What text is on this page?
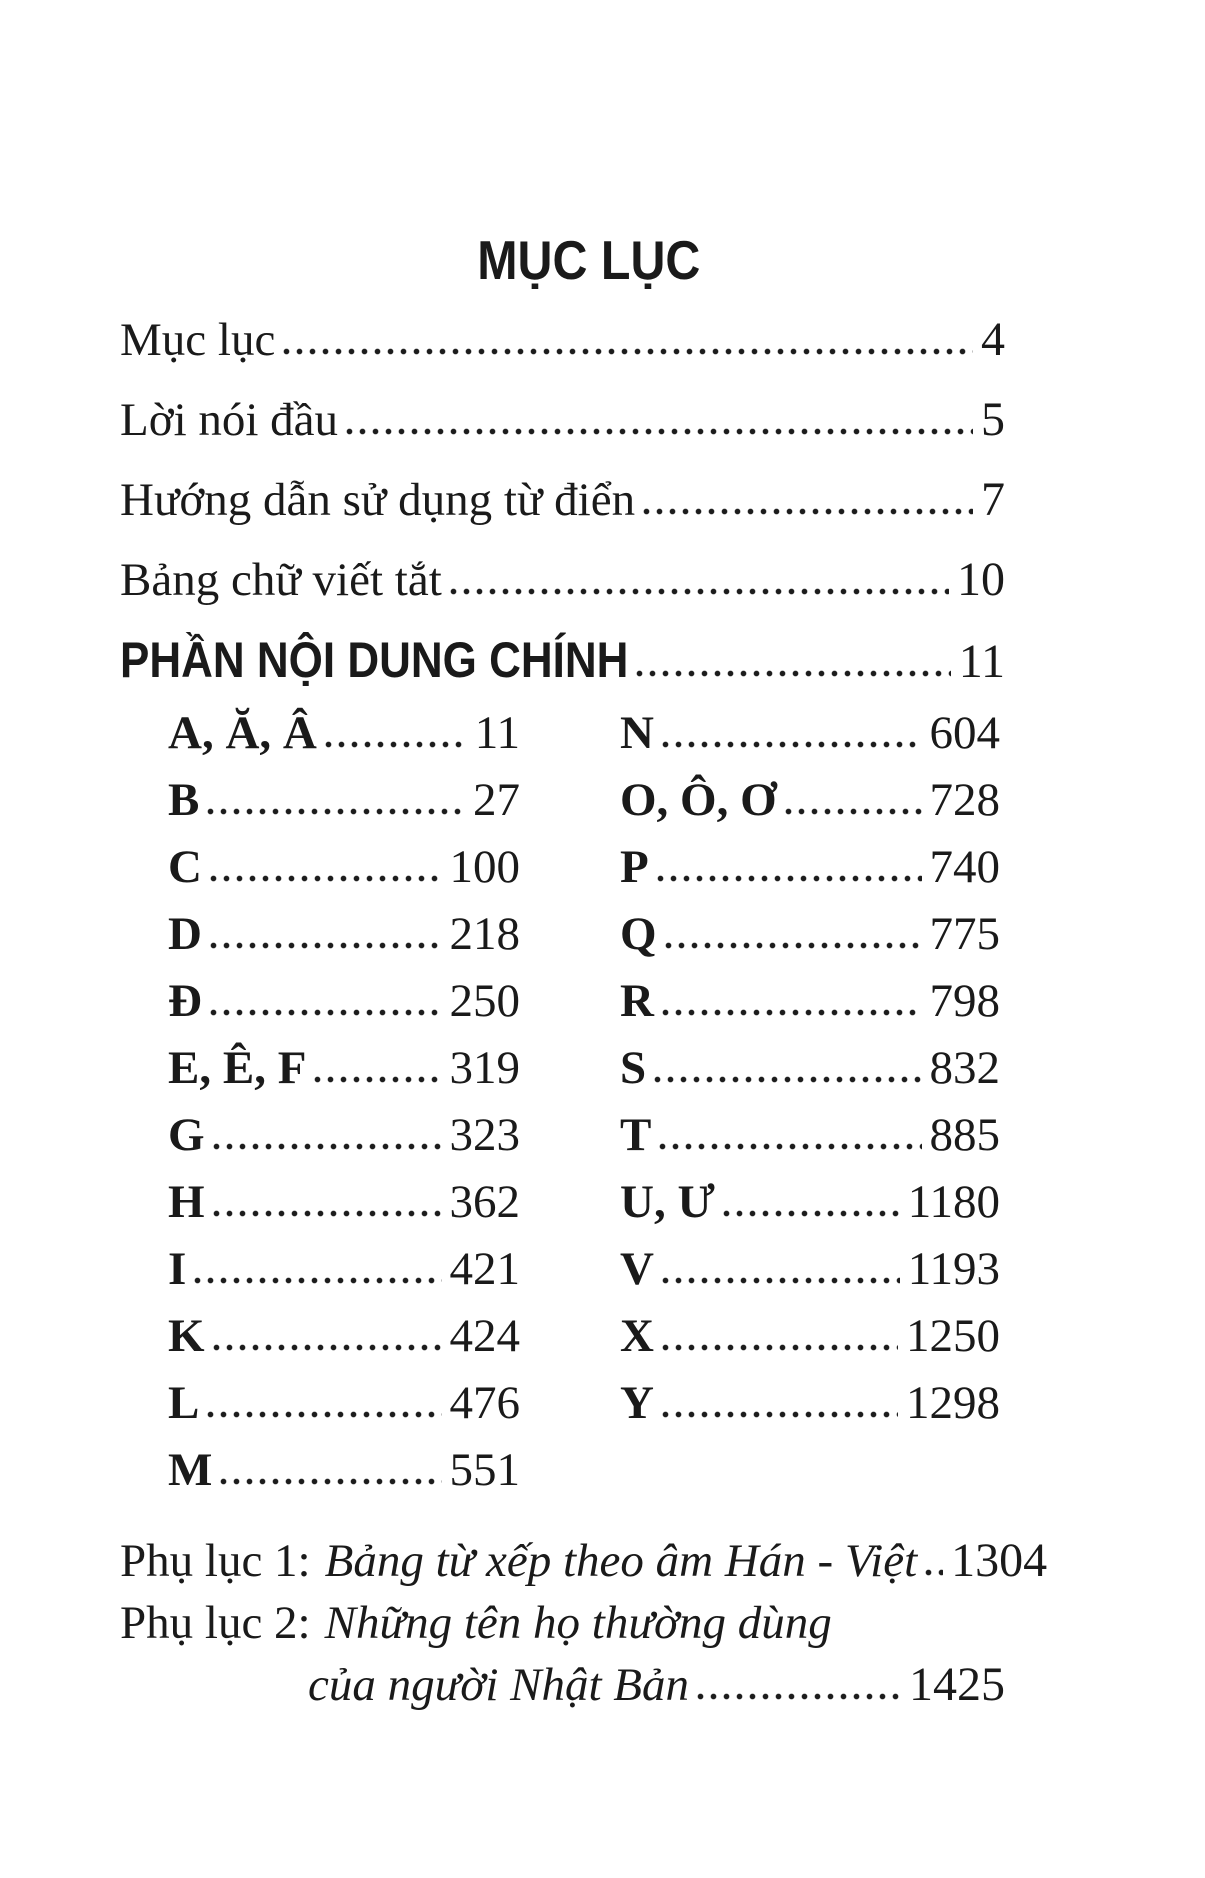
MỤC LỤC
Mục lục	4
Lời nói đầu	5
Hướng dẫn sử dụng từ điển	7
Bảng chữ viết tắt	10
PHẦN NỘI DUNG CHÍNH	11
A, Ă, Â	11
B	27
C	100
D	218
Đ	250
E, Ê, F	319
G	323
H	362
I	421
K	424
L	476
M	551
N	604
O, Ô, Ơ	728
P	740
Q	775
R	798
S	832
T	885
U, Ư	1180
V	1193
X	1250
Y	1298
Phụ lục 1: Bảng từ xếp theo âm Hán - Việt 1304
Phụ lục 2: Những tên họ thường dùng
của người Nhật Bản	1425
